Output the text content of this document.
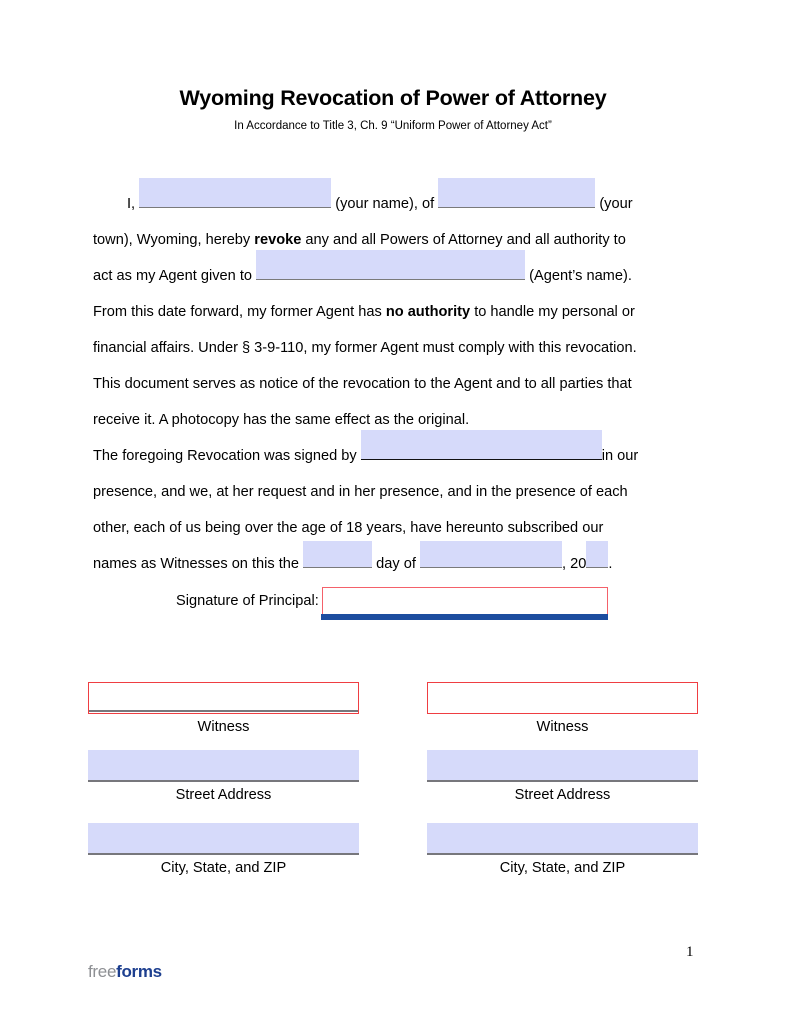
Wyoming Revocation of Power of Attorney
In Accordance to Title 3, Ch. 9 “Uniform Power of Attorney Act”

I,	(your name), of	(your

town), Wyoming, hereby revoke any and all Powers of Attorney and all authority to

act as my Agent given to	(Agent’s name).

From this date forward, my former Agent has no authority to handle my personal or

financial affairs. Under § 3-9-110, my former Agent must comply with this revocation.

This document serves as notice of the revocation to the Agent and to all parties that

receive it. A photocopy has the same effect as the original.

The foregoing Revocation was signed by	in our

presence, and we, at her request and in her presence, and in the presence of each

other, each of us being over the age of 18 years, have hereunto subscribed our

names as Witnesses on this the	day of	, 20 .

Signature of Principal:
Witness
Street Address
City, State, and ZIP
Witness
Street Address
City, State, and ZIP
freeforms
1
